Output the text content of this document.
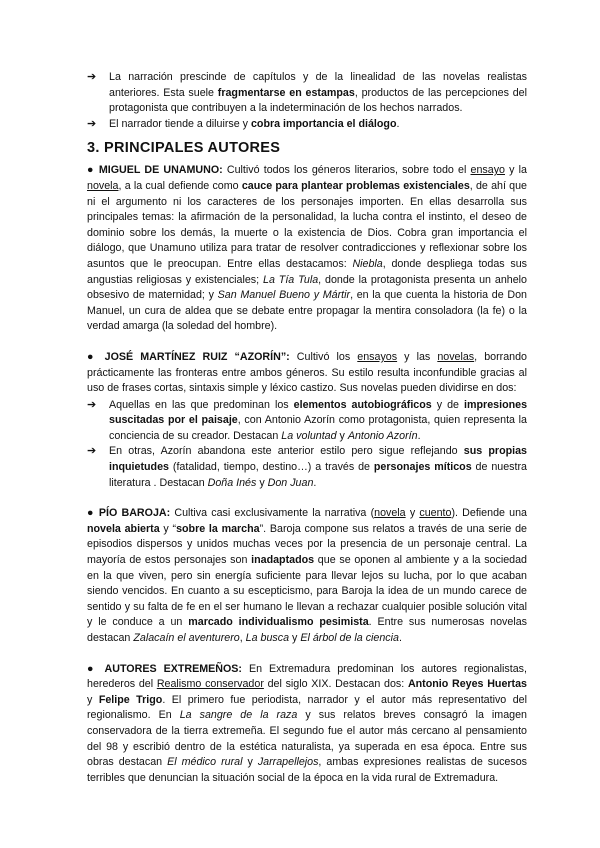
➔	La narración prescinde de capítulos y de la linealidad de las novelas realistas anteriores. Esta suele fragmentarse en estampas, productos de las percepciones del protagonista que contribuyen a la indeterminación de los hechos narrados.
➔	El narrador tiende a diluirse y cobra importancia el diálogo.
3. PRINCIPALES AUTORES

● MIGUEL DE UNAMUNO: Cultivó todos los géneros literarios, sobre todo el ensayo y la novela, a la cual defiende como cauce para plantear problemas existenciales, de ahí que ni el argumento ni los caracteres de los personajes importen. En ellas desarrolla sus principales temas: la afirmación de la personalidad, la lucha contra el instinto, el deseo de dominio sobre los demás, la muerte o la existencia de Dios. Cobra gran importancia el diálogo, que Unamuno utiliza para tratar de resolver contradicciones y reflexionar sobre los asuntos que le preocupan. Entre ellas destacamos: Niebla, donde despliega todas sus angustias religiosas y existenciales; La Tía Tula, donde la protagonista presenta un anhelo obsesivo de maternidad; y San Manuel Bueno y Mártir, en la que cuenta la historia de Don Manuel, un cura de aldea que se debate entre propagar la mentira consoladora (la fe) o la verdad amarga (la soledad del hombre).

● JOSÉ MARTÍNEZ RUIZ “AZORÍN”: Cultivó los ensayos y las novelas, borrando prácticamente las fronteras entre ambos géneros. Su estilo resulta inconfundible gracias al uso de frases cortas, sintaxis simple y léxico castizo. Sus novelas pueden dividirse en dos:

➔ Aquellas en las que predominan los elementos autobiográficos y de impresiones suscitadas por el paisaje, con Antonio Azorín como protagonista, quien representa la conciencia de su creador. Destacan La voluntad y Antonio Azorín.
➔ En otras, Azorín abandona este anterior estilo pero sigue reflejando sus propias inquietudes (fatalidad, tiempo, destino…) a través de personajes míticos de nuestra literatura . Destacan Doña Inés y Don Juan.

● PÍO BAROJA: Cultiva casi exclusivamente la narrativa (novela y cuento). Defiende una novela abierta y “sobre la marcha”. Baroja compone sus relatos a través de una serie de episodios dispersos y unidos muchas veces por la presencia de un personaje central. La mayoría de estos personajes son inadaptados que se oponen al ambiente y a la sociedad en la que viven, pero sin energía suficiente para llevar lejos su lucha, por lo que acaban siendo vencidos. En cuanto a su escepticismo, para Baroja la idea de un mundo carece de sentido y su falta de fe en el ser humano le llevan a rechazar cualquier posible solución vital y le conduce a un marcado individualismo pesimista. Entre sus numerosas novelas destacan Zalacaín el aventurero, La busca y El árbol de la ciencia.

● AUTORES EXTREMEÑOS: En Extremadura predominan los autores regionalistas, herederos del Realismo conservador del siglo XIX. Destacan dos: Antonio Reyes Huertas y Felipe Trigo. El primero fue periodista, narrador y el autor más representativo del regionalismo. En La sangre de la raza y sus relatos breves consagró la imagen conservadora de la tierra extremeña. El segundo fue el autor más cercano al pensamiento del 98 y escribió dentro de la estética naturalista, ya superada en esa época. Entre sus obras destacan El médico rural y Jarrapellejos, ambas expresiones realistas de sucesos terribles que denuncian la situación social de la época en la vida rural de Extremadura.
